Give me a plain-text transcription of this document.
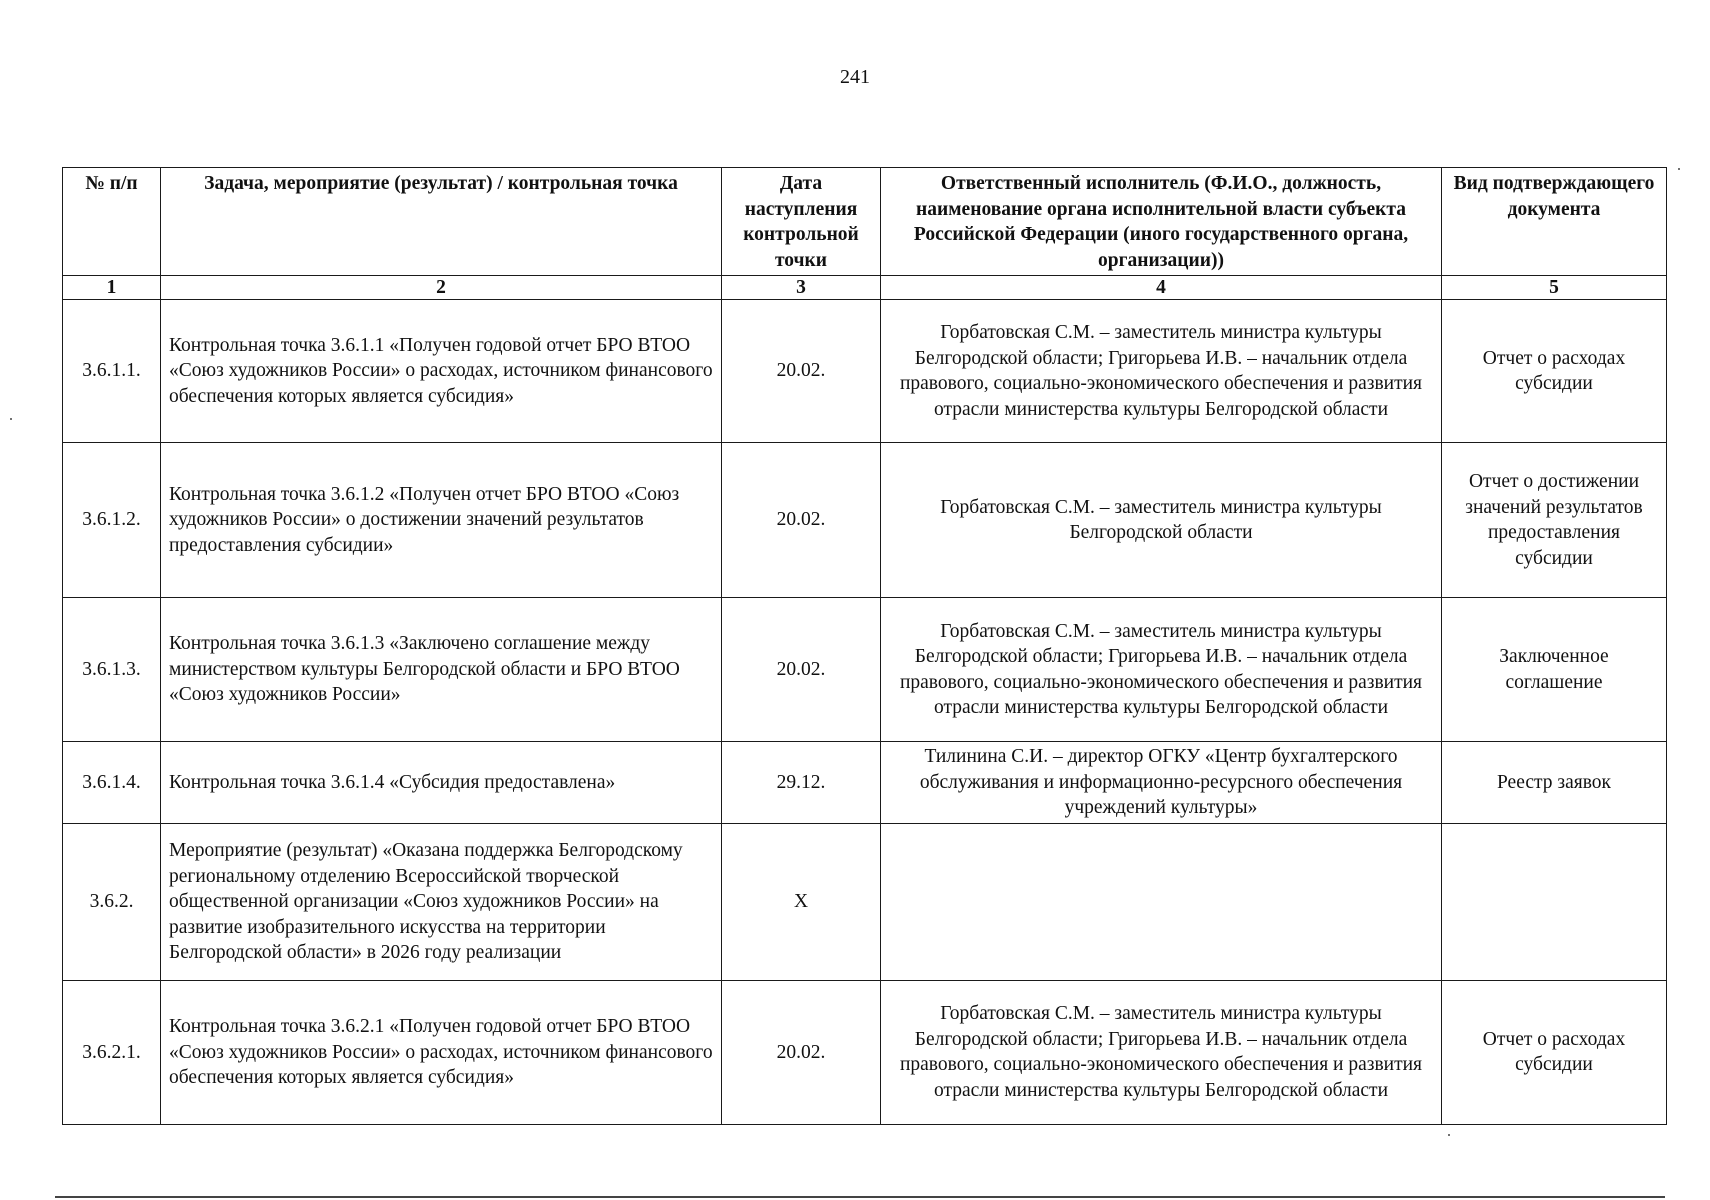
241
№ п/п	Задача, мероприятие (результат) / контрольная точка	Дата наступления контрольной точки	Ответственный исполнитель (Ф.И.О., должность, наименование органа исполнительной власти субъекта Российской Федерации (иного государственного органа, организации))	Вид подтверждающего документа
1	2	3	4	5
3.6.1.1.	Контрольная точка 3.6.1.1 «Получен годовой отчет БРО ВТОО «Союз художников России» о расходах, источником финансового обеспечения которых является субсидия»	20.02.	Горбатовская С.М. – заместитель министра культуры Белгородской области; Григорьева И.В. – начальник отдела правового, социально-экономического обеспечения и развития отрасли министерства культуры Белгородской области	Отчет о расходах субсидии
3.6.1.2.	Контрольная точка 3.6.1.2 «Получен отчет БРО ВТОО «Союз художников России» о достижении значений результатов предоставления субсидии»	20.02.	Горбатовская С.М. – заместитель министра культуры Белгородской области	Отчет о достижении значений результатов предоставления субсидии
3.6.1.3.	Контрольная точка 3.6.1.3 «Заключено соглашение между министерством культуры Белгородской области и БРО ВТОО «Союз художников России»	20.02.	Горбатовская С.М. – заместитель министра культуры Белгородской области; Григорьева И.В. – начальник отдела правового, социально-экономического обеспечения и развития отрасли министерства культуры Белгородской области	Заключенное соглашение
3.6.1.4.	Контрольная точка 3.6.1.4 «Субсидия предоставлена»	29.12.	Тилинина С.И. – директор ОГКУ «Центр бухгалтерского обслуживания и информационно-ресурсного обеспечения учреждений культуры»	Реестр заявок
3.6.2.	Мероприятие (результат) «Оказана поддержка Белгородскому региональному отделению Всероссийской творческой общественной организации «Союз художников России» на развитие изобразительного искусства на территории Белгородской области» в 2026 году реализации	Х		
3.6.2.1.	Контрольная точка 3.6.2.1 «Получен годовой отчет БРО ВТОО «Союз художников России» о расходах, источником финансового обеспечения которых является субсидия»	20.02.	Горбатовская С.М. – заместитель министра культуры Белгородской области; Григорьева И.В. – начальник отдела правового, социально-экономического обеспечения и развития отрасли министерства культуры Белгородской области	Отчет о расходах субсидии
